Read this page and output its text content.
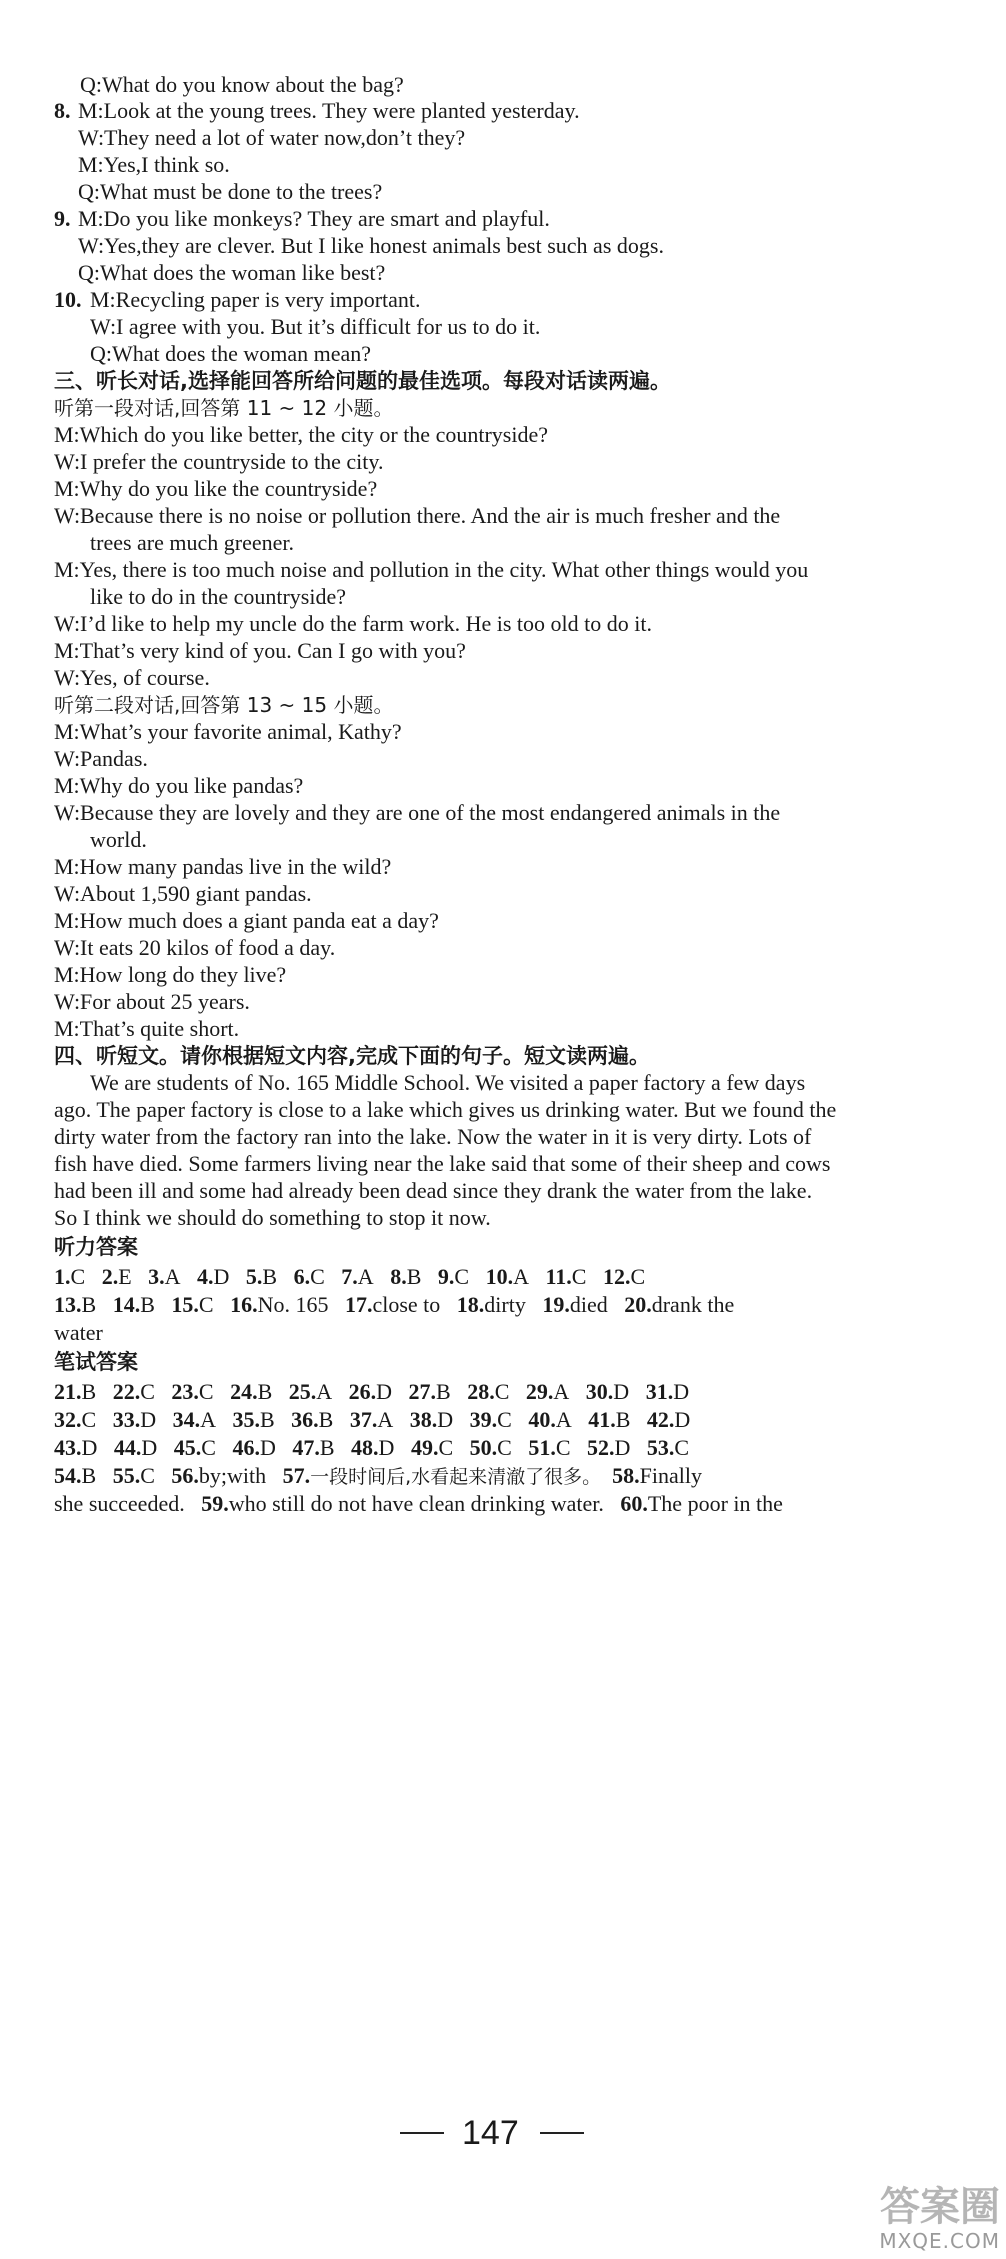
Q:What do you know about the bag?
8. M:Look at the young trees. They were planted yesterday.
W:They need a lot of water now,don’t they?
M:Yes,I think so.
Q:What must be done to the trees?
9. M:Do you like monkeys? They are smart and playful.
W:Yes,they are clever. But I like honest animals best such as dogs.
Q:What does the woman like best?
10. M:Recycling paper is very important.
W:I agree with you. But it’s difficult for us to do it.
Q:What does the woman mean?
三、听长对话,选择能回答所给问题的最佳选项。每段对话读两遍。
听第一段对话,回答第 11 ~ 12 小题。
M:Which do you like better, the city or the countryside?
W:I prefer the countryside to the city.
M:Why do you like the countryside?
W:Because there is no noise or pollution there. And the air is much fresher and the
trees are much greener.
M:Yes, there is too much noise and pollution in the city. What other things would you
like to do in the countryside?
W:I’d like to help my uncle do the farm work. He is too old to do it.
M:That’s very kind of you. Can I go with you?
W:Yes, of course.
听第二段对话,回答第 13 ~ 15 小题。
M:What’s your favorite animal, Kathy?
W:Pandas.
M:Why do you like pandas?
W:Because they are lovely and they are one of the most endangered animals in the
world.
M:How many pandas live in the wild?
W:About 1,590 giant pandas.
M:How much does a giant panda eat a day?
W:It eats 20 kilos of food a day.
M:How long do they live?
W:For about 25 years.
M:That’s quite short.
四、听短文。请你根据短文内容,完成下面的句子。短文读两遍。
We are students of No. 165 Middle School. We visited a paper factory a few days
ago. The paper factory is close to a lake which gives us drinking water. But we found the
dirty water from the factory ran into the lake. Now the water in it is very dirty. Lots of
fish have died. Some farmers living near the lake said that some of their sheep and cows
had been ill and some had already been dead since they drank the water from the lake.
So I think we should do something to stop it now.
听力答案
1.C 2.E 3.A 4.D 5.B 6.C 7.A 8.B 9.C 10.A 11.C 12.C
13.B 14.B 15.C 16.No. 165 17.close to 18.dirty 19.died 20.drank the
water
笔试答案
21.B 22.C 23.C 24.B 25.A 26.D 27.B 28.C 29.A 30.D 31.D
32.C 33.D 34.A 35.B 36.B 37.A 38.D 39.C 40.A 41.B 42.D
43.D 44.D 45.C 46.D 47.B 48.D 49.C 50.C 51.C 52.D 53.C
54.B 55.C 56.by;with 57.一段时间后,水看起来清澈了很多。 58.Finally
she succeeded. 59.who still do not have clean drinking water. 60.The poor in the
147
答案圈
MXQE.COM
